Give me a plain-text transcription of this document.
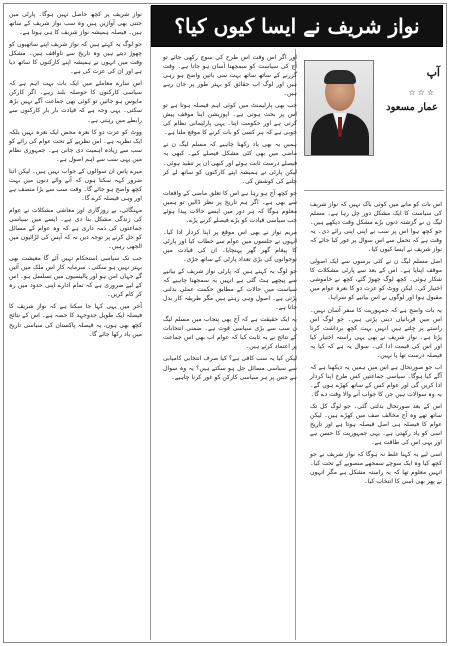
نواز شریف نے ایسا کیوں کیا؟
آپ
☆☆☆
عمار مسعود

اس بات کو مانے میں کوئی باک نہیں کہ نواز شریف کی سیاست کا ایک مشکل دور چل رہا ہے۔ مسلم لیگ ن نے گزشتہ دنوں بڑے مشکل وقت دیکھے ہیں۔ جو کچھ ہوا اس پر سب نے اپنی اپنی رائے دی۔ یہ وقت ہے کہ تحمل سے اس سوال پر غور کیا جائے کہ نواز شریف نے ایسا کیوں کیا۔

اصل مسلم لیگ ن نے کئی برسوں سے ایک اصولی موقف اپنایا ہے۔ اس کے بعد سے پارٹی مشکلات کا شکار ہوئی۔ کچھ لوگ چھوڑ گئے، کچھ نے خاموشی اختیار کی۔ لیکن ووٹ کو عزت دو کا نعرہ عوام میں مقبول ہوا اور لوگوں نے اس بیانیے کو سراہا۔

یہ بات واضح ہے کہ جمہوریت کا سفر آسان نہیں۔ اس میں قربانیاں دینی پڑتی ہیں۔ جو لوگ اس راستے پر چلتے ہیں انہیں بہت کچھ برداشت کرنا پڑتا ہے۔ نواز شریف نے بھی یہی راستہ اختیار کیا اور اس کی قیمت ادا کی۔ سوال یہ ہے کہ کیا یہ فیصلہ درست تھا یا نہیں۔

اب جو صورتحال ہے اس میں ہمیں یہ دیکھنا ہے کہ آگے کیا ہوگا۔ سیاسی جماعتیں کس طرح اپنا کردار ادا کریں گی اور عوام کس کے ساتھ کھڑے ہوں گے۔ یہ وہ سوالات ہیں جن کا جواب آنے والا وقت دے گا۔

اس کے بعد صورتحال بدلتی گئی۔ جو لوگ کل تک ساتھ تھے وہ آج مخالف صف میں کھڑے ہیں۔ لیکن عوام کا فیصلہ ہی اصل فیصلہ ہوتا ہے اور تاریخ اسی کو یاد رکھتی ہے۔ یہی جمہوریت کا حسن ہے اور یہی اس کی طاقت ہے۔

اسی لیے یہ کہنا غلط نہ ہوگا کہ نواز شریف نے جو کچھ کیا وہ ایک سوچے سمجھے منصوبے کے تحت کیا۔ انہیں معلوم تھا کہ یہ راستہ مشکل ہے مگر انہوں نے پھر بھی اسی کا انتخاب کیا۔

اور اگر اس وقت اس طرح کی سوچ رکھی جائے تو آج کی سیاست کو سمجھنا آسان ہو جاتا ہے۔ وقت گزرنے کے ساتھ ساتھ بہت سی باتیں واضح ہو رہی ہیں اور لوگ اب حقائق کو بہتر طور پر جان رہے ہیں۔

جب بھی پارلیمنٹ میں کوئی اہم فیصلہ ہوتا ہے تو اس پر بحث ہوتی ہے۔ اپوزیشن اپنا موقف پیش کرتی ہے اور حکومت اپنا۔ یہی پارلیمانی نظام کی خوبی ہے کہ ہر کسی کو بات کرنے کا موقع ملتا ہے۔

ہمیں یہ بھی یاد رکھنا چاہیے کہ مسلم لیگ ن نے ماضی میں بھی کئی مشکل فیصلے کیے۔ کبھی یہ فیصلے درست ثابت ہوئے اور کبھی ان پر تنقید ہوئی۔ لیکن پارٹی نے ہمیشہ اپنے کارکنوں کو ساتھ لے کر چلنے کی کوشش کی۔

جو کچھ آج ہو رہا ہے اس کا تعلق ماضی کے واقعات سے بھی ہے۔ اگر ہم تاریخ پر نظر ڈالیں تو ہمیں معلوم ہوگا کہ ہر دور میں ایسے حالات پیدا ہوئے جب سیاسی قیادت کو بڑے فیصلے کرنے پڑے۔

مریم نواز نے بھی اس موقع پر اپنا کردار ادا کیا۔ انہوں نے جلسوں میں عوام سے خطاب کیا اور پارٹی کا پیغام گھر گھر پہنچایا۔ ان کی قیادت میں نوجوانوں کی بڑی تعداد پارٹی کے ساتھ جڑی۔

جو لوگ یہ کہتے ہیں کہ پارٹی نواز شریف کے بیانیے سے پیچھے ہٹ گئی ہے انہیں یہ سمجھنا چاہیے کہ سیاست میں حالات کے مطابق حکمت عملی بدلنی پڑتی ہے۔ اصول وہی رہتے ہیں مگر طریقہ کار بدل جاتا ہے۔

یہ ایک حقیقت ہے کہ آج بھی پنجاب میں مسلم لیگ ن سب سے بڑی سیاسی قوت ہے۔ ضمنی انتخابات کے نتائج نے یہ ثابت کیا کہ عوام اب بھی اس جماعت پر اعتماد کرتے ہیں۔

لیکن کیا یہ سب کافی ہے؟ کیا صرف انتخابی کامیابی سے سیاسی مسائل حل ہو سکتے ہیں؟ یہ وہ سوال ہے جس پر ہر سیاسی کارکن کو غور کرنا چاہیے۔

نواز شریف پر کچھ حاصل نہیں ہوگا۔ پارٹی میں جتنی بھی آوازیں ہیں وہ سب نواز شریف کے ساتھ ہیں۔ فیصلہ ہمیشہ نواز شریف کا ہی ہوتا ہے۔

جو لوگ یہ کہتے ہیں کہ نواز شریف اپنے ساتھیوں کو چھوڑ دیتے ہیں وہ تاریخ سے ناواقف ہیں۔ مشکل وقت میں انہوں نے ہمیشہ اپنے کارکنوں کا ساتھ دیا ہے اور ان کی عزت کی ہے۔

اس سارے معاملے میں ایک بات بہت اہم ہے کہ سیاسی کارکنوں کا حوصلہ بلند رہے۔ اگر کارکن مایوس ہو جائیں تو کوئی بھی جماعت آگے نہیں بڑھ سکتی۔ یہی وجہ ہے کہ قیادت بار بار کارکنوں سے رابطے میں رہتی ہے۔

ووٹ کو عزت دو کا نعرہ محض ایک نعرہ نہیں بلکہ ایک نظریہ ہے۔ اس نظریے کے تحت عوام کی رائے کو سب سے زیادہ اہمیت دی جاتی ہے۔ جمہوری نظام میں یہی سب سے اہم اصول ہے۔

میرے پاس ان سوالوں کے جواب نہیں ہیں۔ لیکن اتنا ضرور کہہ سکتا ہوں کہ آنے والے دنوں میں بہت کچھ واضح ہو جائے گا۔ وقت سب سے بڑا منصف ہے اور وہی فیصلہ کرے گا۔

مہنگائی، بے روزگاری اور معاشی مشکلات نے عوام کی زندگی مشکل بنا دی ہے۔ ایسے میں سیاسی جماعتوں کی ذمہ داری ہے کہ وہ عوام کے مسائل کو حل کرنے پر توجہ دیں نہ کہ آپس کی لڑائیوں میں الجھی رہیں۔

جب تک سیاسی استحکام نہیں آئے گا معیشت بھی بہتر نہیں ہو سکتی۔ سرمایہ کار اس ملک میں آئیں گے جہاں امن ہو اور پالیسیوں میں تسلسل ہو۔ اس کے لیے ضروری ہے کہ تمام ادارے اپنی حدود میں رہ کر کام کریں۔

آخر میں یہی کہا جا سکتا ہے کہ نواز شریف کا فیصلہ ایک طویل جدوجہد کا حصہ ہے۔ اس کے نتائج کچھ بھی ہوں، یہ فیصلہ پاکستان کی سیاسی تاریخ میں یاد رکھا جائے گا۔
